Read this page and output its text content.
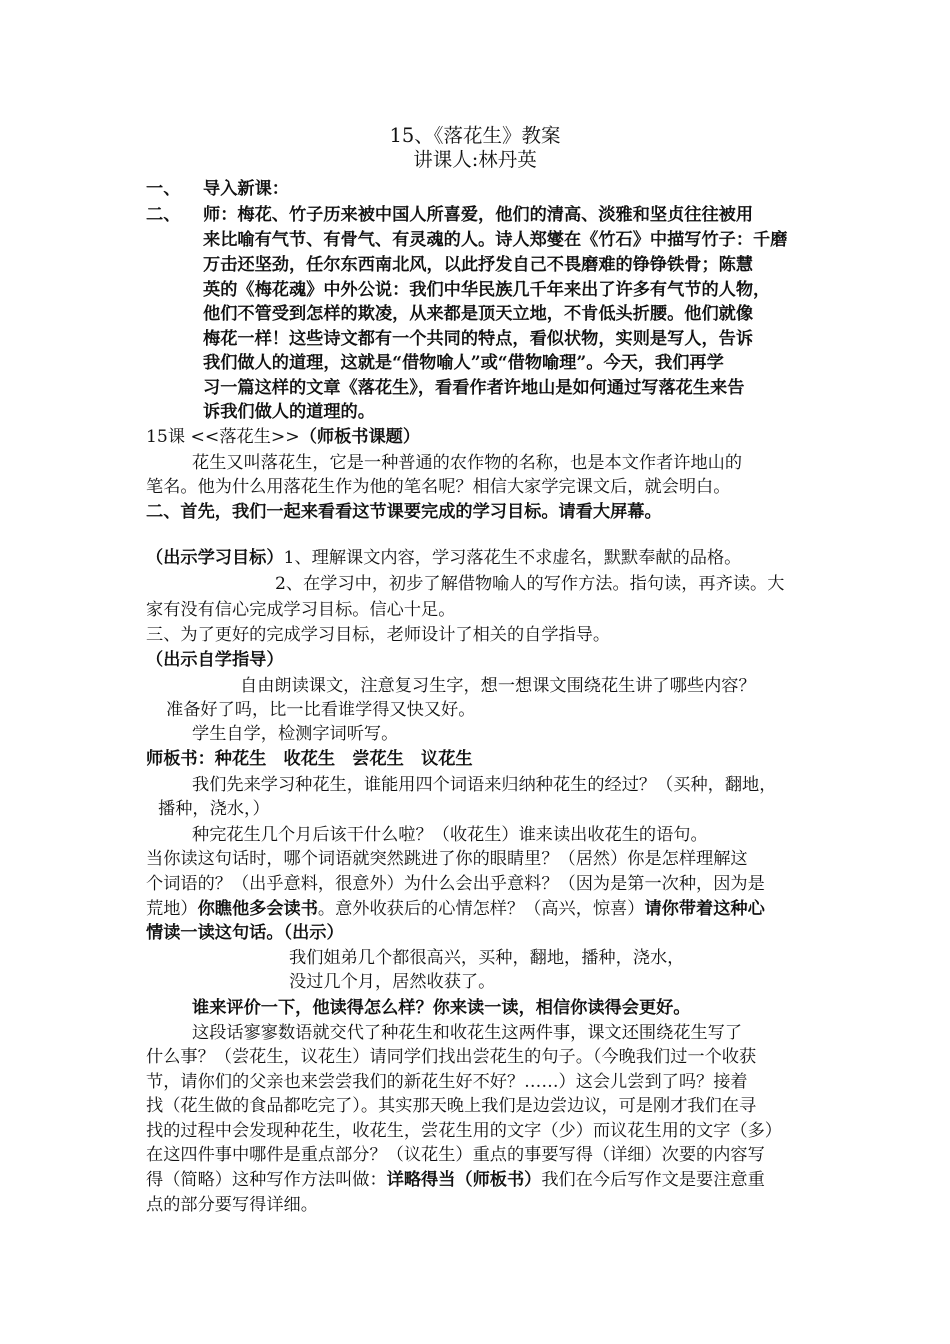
15、《落花生》教案
讲课人:林丹英
一、 导入新课：
二、 师：梅花、竹子历来被中国人所喜爱，他们的清高、淡雅和坚贞往往被用
来比喻有气节、有骨气、有灵魂的人。诗人郑燮在《竹石》中描写竹子：千磨
万击还坚劲，任尔东西南北风，以此抒发自己不畏磨难的铮铮铁骨；陈慧
英的《梅花魂》中外公说：我们中华民族几千年来出了许多有气节的人物，
他们不管受到怎样的欺凌，从来都是顶天立地，不肯低头折腰。他们就像
梅花一样！这些诗文都有一个共同的特点，看似状物，实则是写人，告诉
我们做人的道理，这就是“借物喻人”或“借物喻理”。今天，我们再学
习一篇这样的文章《落花生》，看看作者许地山是如何通过写落花生来告
诉我们做人的道理的。
15课 <<落花生>>（师板书课题）
花生又叫落花生，它是一种普通的农作物的名称，也是本文作者许地山的
笔名。他为什么用落花生作为他的笔名呢？相信大家学完课文后，就会明白。
二、首先，我们一起来看看这节课要完成的学习目标。请看大屏幕。
（出示学习目标）1、理解课文内容，学习落花生不求虚名，默默奉献的品格。
2、在学习中，初步了解借物喻人的写作方法。指句读，再齐读。大
家有没有信心完成学习目标。信心十足。
三、为了更好的完成学习目标，老师设计了相关的自学指导。
（出示自学指导）
自由朗读课文，注意复习生字，想一想课文围绕花生讲了哪些内容？
准备好了吗，比一比看谁学得又快又好。
学生自学，检测字词听写。
师板书：种花生　收花生　尝花生　议花生
我们先来学习种花生，谁能用四个词语来归纳种花生的经过？（买种，翻地，
播种，浇水，）
种完花生几个月后该干什么啦？（收花生）谁来读出收花生的语句。
当你读这句话时，哪个词语就突然跳进了你的眼睛里？（居然）你是怎样理解这
个词语的？（出乎意料，很意外）为什么会出乎意料？（因为是第一次种，因为是
荒地）你瞧他多会读书。意外收获后的心情怎样？（高兴，惊喜）请你带着这种心
情读一读这句话。（出示）
我们姐弟几个都很高兴，买种，翻地，播种，浇水，
没过几个月，居然收获了。
谁来评价一下，他读得怎么样？你来读一读，相信你读得会更好。
这段话寥寥数语就交代了种花生和收花生这两件事，课文还围绕花生写了
什么事？（尝花生，议花生）请同学们找出尝花生的句子。（今晚我们过一个收获
节，请你们的父亲也来尝尝我们的新花生好不好？……）这会儿尝到了吗？接着
找（花生做的食品都吃完了）。其实那天晚上我们是边尝边议，可是刚才我们在寻
找的过程中会发现种花生，收花生，尝花生用的文字（少）而议花生用的文字（多）
在这四件事中哪件是重点部分？（议花生）重点的事要写得（详细）次要的内容写
得（简略）这种写作方法叫做：详略得当（师板书）我们在今后写作文是要注意重
点的部分要写得详细。
